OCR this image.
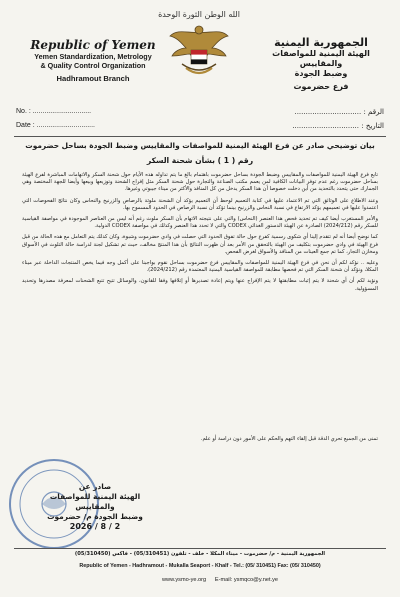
الله الوطن الثورة الوحدة
Republic of Yemen
Yemen Standardization, Metrology
& Quality Control Organization
Hadhramout Branch
الجمهورية اليمنية
الهيئة اليمنية للمواصفات والمقاييس
وضبط الجودة
فرع حضرموت
No. : ..............................
Date : ..............................
الرقم : ..............................
التاريخ : ..............................
بيان توضيحي صادر عن فرع الهيئة اليمنية للمواصفات والمقاييس وضبط الجودة بساحل حضرموت
رقم ( 1 ) بشأن شحنة السكر

تابع فرع الهيئة اليمنية للمواصفات والمقاييس وضبط الجودة بساحل حضرموت باهتمام بالغ ما يتم تداوله هذه الأيام حول شحنة السكر والاتهامات المباشرة لفرع الهيئة بساحل حضرموت رغم عدم توفر البيانات الكافية لمن يعمم مكتب الصناعة والتجارة حول شحنة السكر مثل إفراج الشحنة وتوزيعها وبيعها وأيضا للجهة المختصة وهي الجمارك حتى يتحدد بالتحديد من أين دخلت خصوصا أن هذا السكر يدخل من كل المنافذ والأكثر من ميناء جيبوتي وغيرها.

وعند الاطلاع على الوثائق التي تم الاعتماد عليها في كتابة التعميم لوحظ أن التعميم يؤكد أن الشحنة ملوثة بالرصاص والزرنيخ والنحاس وكان نتائج الفحوصات التي اعتمدوا عليها في تعميمهم يؤكد الارتفاع في نسبة النحاس والزرنيخ بينما تؤكد أن نسبة الرصاص في الحدود المسموح بها.

والأمر المستغرب أيضا كيف تم تحديد فحص هذا العنصر (النحاس) والتي على نتيجته الاتهام بأن السكر ملوث رغم أنه ليس من العناصر الموجودة في مواصفة القياسية للسكر رقم (2024/212) الصادرة عن الهيئة الدستور الغذائي CODEX والتي لا تحدد هذا العنصر وكذلك في مواصفة CODEX الدولية.

كما نوضح أيضا أنه لم تتقدم إلينا أي شكوى رسمية كفرع حول حالة تفوق الحدود التي حصلت في وادي حضرموت وشبوة، وكان كذلك يتم التعامل مع هذه الحالة من قبل فرع الهيئة في وادي حضرموت بتكليف من الهيئة بالتحقق من الأمر بعد أن ظهرت النتائج بأن هذا المنتج مخالف، حيث تم تشكيل لجنة لدراسة حالة التلوث في الأسواق ومخازن التجار، كما تم جمع العينات من المنافذ والأسواق لغرض الفحص.

وعليه .. نؤكد لكم أن نحن في فرع الهيئة اليمنية للمواصفات والمقاييس فرع حضرموت بساحل نقوم بواجبنا على أكمل وجه فيما يخص المنتجات الداخلة عبر ميناء المكلا، ونؤكد أن شحنة السكر التي تم فحصها مطابقة للمواصفة القياسية اليمنية المعتمدة رقم (2024/212).

ونؤيد لكم أن أي شحنة لا يتم إثبات مطابقتها لا يتم الإفراج عنها ويتم إعادة تصديرها أو إتلافها وفقا للقانون، والوسائل تتيح تتبع الشحنات لمعرفة مصدرها وتحديد المسؤولية.

تمنى من الجميع تحري الدقة قبل إلقاء التهم والحكم على الأمور دون دراسة أو علم.
صادر عن
الهيئة اليمنية للمواصفات والمقاييس
وضبط الجودة م/ حضرموت
2026 / 8 / 2
الجمهورية اليمنية - م/ حضرموت - ميناء المكلا - خلف - تلفون (05/310451) - فاكس (05/310450)
Republic of Yemen - Hadhramout - Mukalla Seaport - Khalf - Tel.: (05/ 310451) Fax: (05/ 310450)
www.ysmo-ye.org E-mail: ysmqco@y.net.ye
